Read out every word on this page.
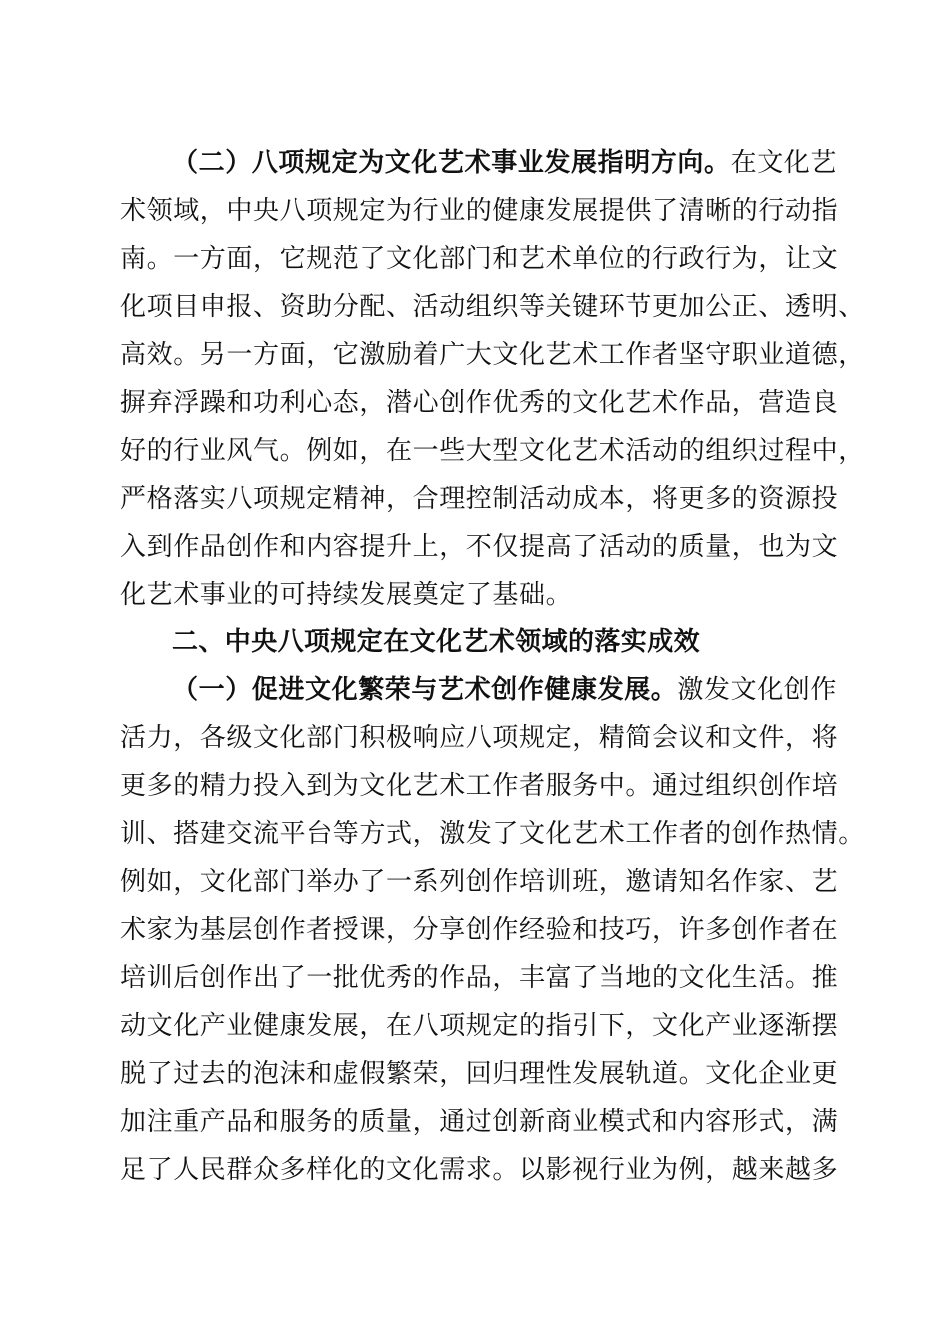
（二）八项规定为文化艺术事业发展指明方向。在文化艺
术领域，中央八项规定为行业的健康发展提供了清晰的行动指
南。一方面，它规范了文化部门和艺术单位的行政行为，让文
化项目申报、资助分配、活动组织等关键环节更加公正、透明、
高效。另一方面，它激励着广大文化艺术工作者坚守职业道德，
摒弃浮躁和功利心态，潜心创作优秀的文化艺术作品，营造良
好的行业风气。例如，在一些大型文化艺术活动的组织过程中，
严格落实八项规定精神，合理控制活动成本，将更多的资源投
入到作品创作和内容提升上，不仅提高了活动的质量，也为文
化艺术事业的可持续发展奠定了基础。
二、中央八项规定在文化艺术领域的落实成效
（一）促进文化繁荣与艺术创作健康发展。激发文化创作
活力，各级文化部门积极响应八项规定，精简会议和文件，将
更多的精力投入到为文化艺术工作者服务中。通过组织创作培
训、搭建交流平台等方式，激发了文化艺术工作者的创作热情。
例如，文化部门举办了一系列创作培训班，邀请知名作家、艺
术家为基层创作者授课，分享创作经验和技巧，许多创作者在
培训后创作出了一批优秀的作品，丰富了当地的文化生活。推
动文化产业健康发展，在八项规定的指引下，文化产业逐渐摆
脱了过去的泡沫和虚假繁荣，回归理性发展轨道。文化企业更
加注重产品和服务的质量，通过创新商业模式和内容形式，满
足了人民群众多样化的文化需求。以影视行业为例，越来越多
